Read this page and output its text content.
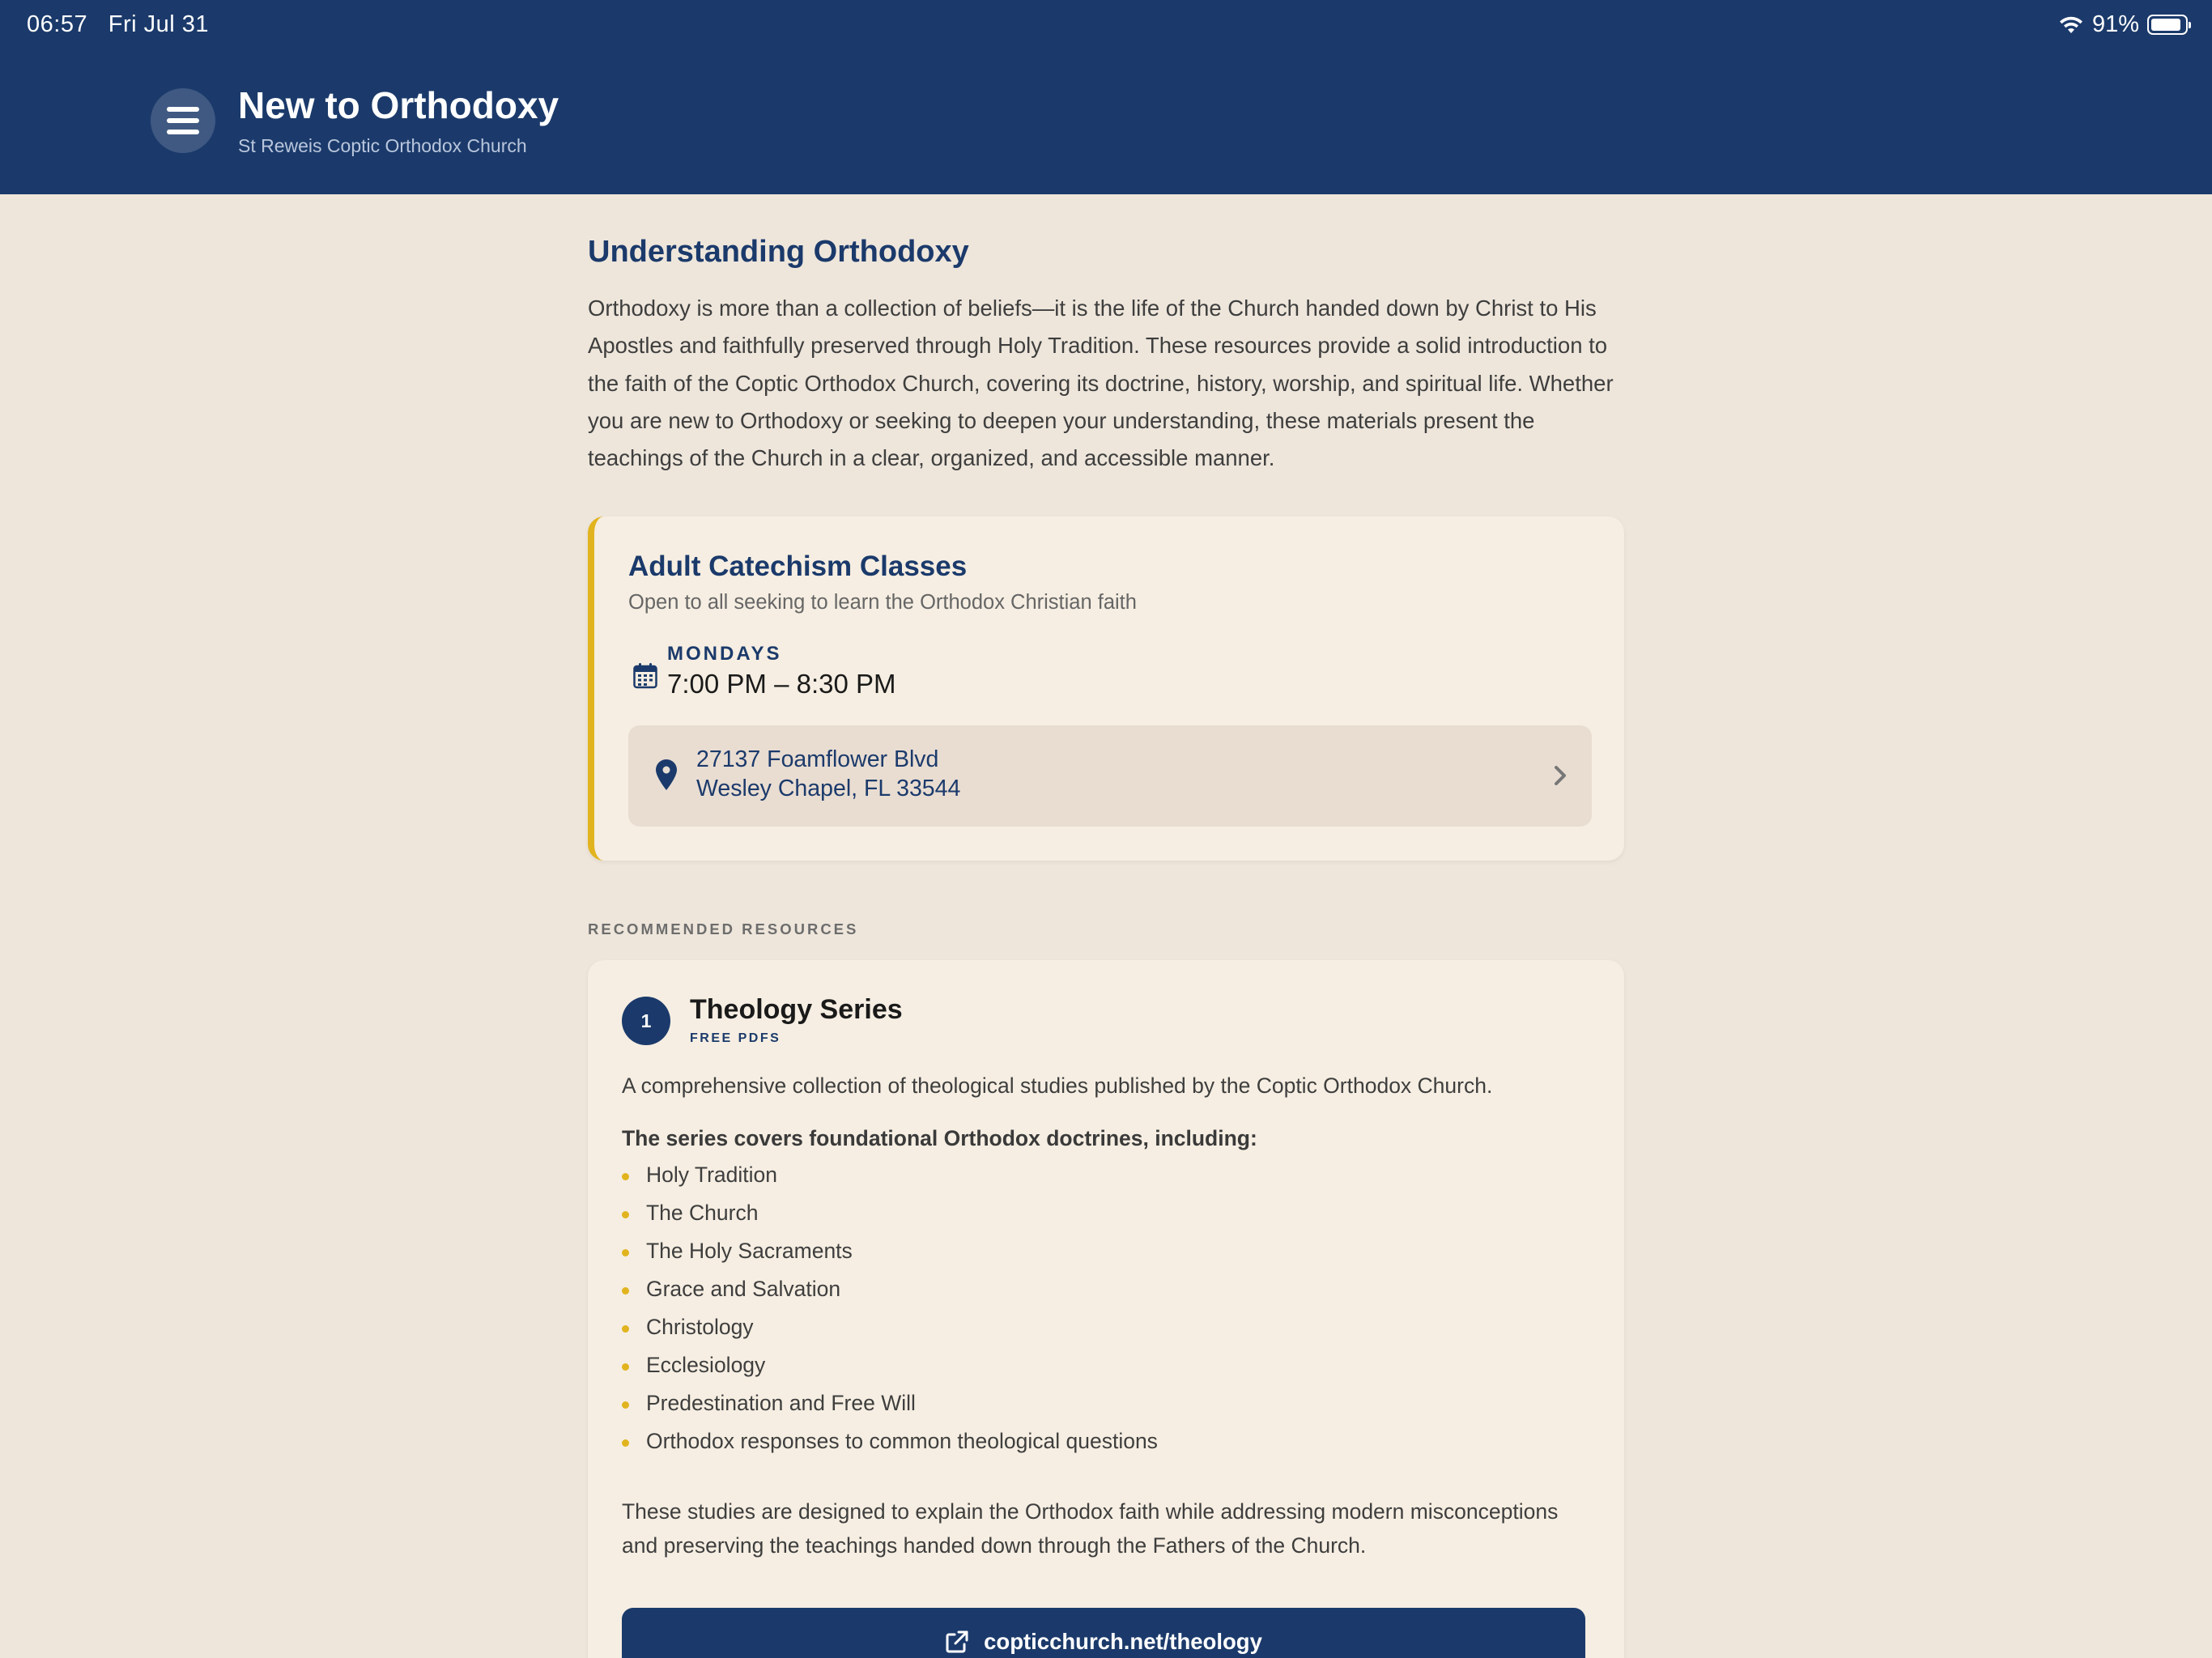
06:57 Fri Jul 31	91%
New to Orthodoxy
St Reweis Coptic Orthodox Church
Understanding Orthodoxy

Orthodoxy is more than a collection of beliefs—it is the life of the Church handed down by Christ to His Apostles and faithfully preserved through Holy Tradition. These resources provide a solid introduction to the faith of the Coptic Orthodox Church, covering its doctrine, history, worship, and spiritual life. Whether you are new to Orthodoxy or seeking to deepen your understanding, these materials present the teachings of the Church in a clear, organized, and accessible manner.

Adult Catechism Classes
Open to all seeking to learn the Orthodox Christian faith
MONDAYS
7:00 PM – 8:30 PM
27137 Foamflower Blvd
Wesley Chapel, FL 33544
RECOMMENDED RESOURCES
1	Theology Series
FREE PDFS
A comprehensive collection of theological studies published by the Coptic Orthodox Church.
The series covers foundational Orthodox doctrines, including:
Holy Tradition
The Church
The Holy Sacraments
Grace and Salvation
Christology
Ecclesiology
Predestination and Free Will
Orthodox responses to common theological questions

These studies are designed to explain the Orthodox faith while addressing modern misconceptions and preserving the teachings handed down through the Fathers of the Church.

copticchurch.net/theology
